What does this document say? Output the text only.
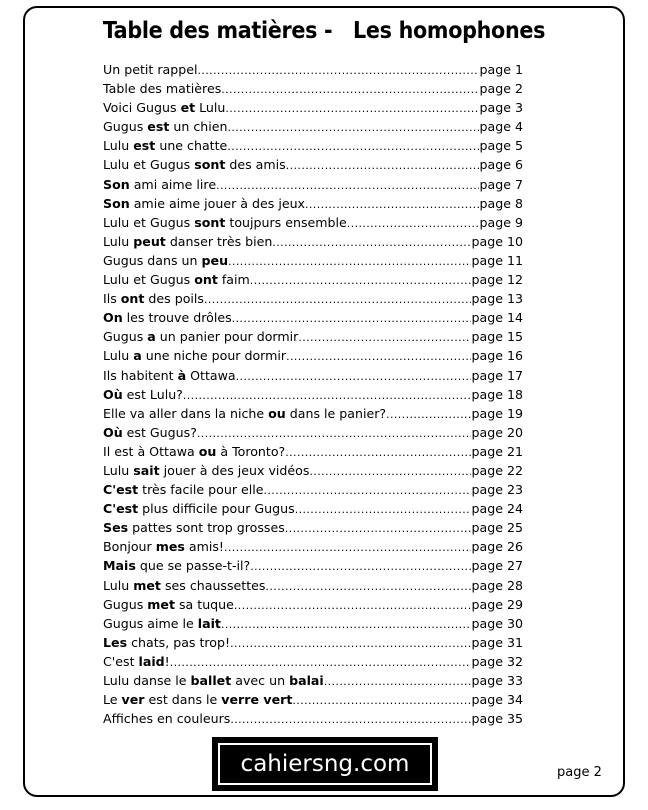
Table des matières -   Les homophones
Un petit rappel .....	page 1
Table des matières .....	page 2
Voici Gugus et Lulu .....	page 3
Gugus est un chien .....	page 4
Lulu est une chatte .....	page 5
Lulu et Gugus sont des amis .....	page 6
Son ami aime lire .....	page 7
Son amie aime jouer à des jeux .....	page 8
Lulu et Gugus sont toujpurs ensemble .....	page 9
Lulu peut danser très bien .....	page 10
Gugus dans un peu .....	page 11
Lulu et Gugus ont faim .....	page 12
Ils ont des poils .....	page 13
On les trouve drôles .....	page 14
Gugus a un panier pour dormir .....	page 15
Lulu a une niche pour dormir .....	page 16
Ils habitent à Ottawa .....	page 17
Où est Lulu? .....	page 18
Elle va aller dans la niche ou dans le panier? .....	page 19
Où est Gugus? .....	page 20
Il est à Ottawa ou à Toronto? .....	page 21
Lulu sait jouer à des jeux vidéos .....	page 22
C'est très facile pour elle .....	page 23
C'est plus difficile pour Gugus .....	page 24
Ses pattes sont trop grosses .....	page 25
Bonjour mes amis! .....	page 26
Mais que se passe-t-il? .....	page 27
Lulu met ses chaussettes .....	page 28
Gugus met sa tuque .....	page 29
Gugus aime le lait .....	page 30
Les chats, pas trop! .....	page 31
C'est laid! .....	page 32
Lulu danse le ballet avec un balai .....	page 33
Le ver est dans le verre vert .....	page 34
Affiches en couleurs .....	page 35
cahiersng.com	page 2
